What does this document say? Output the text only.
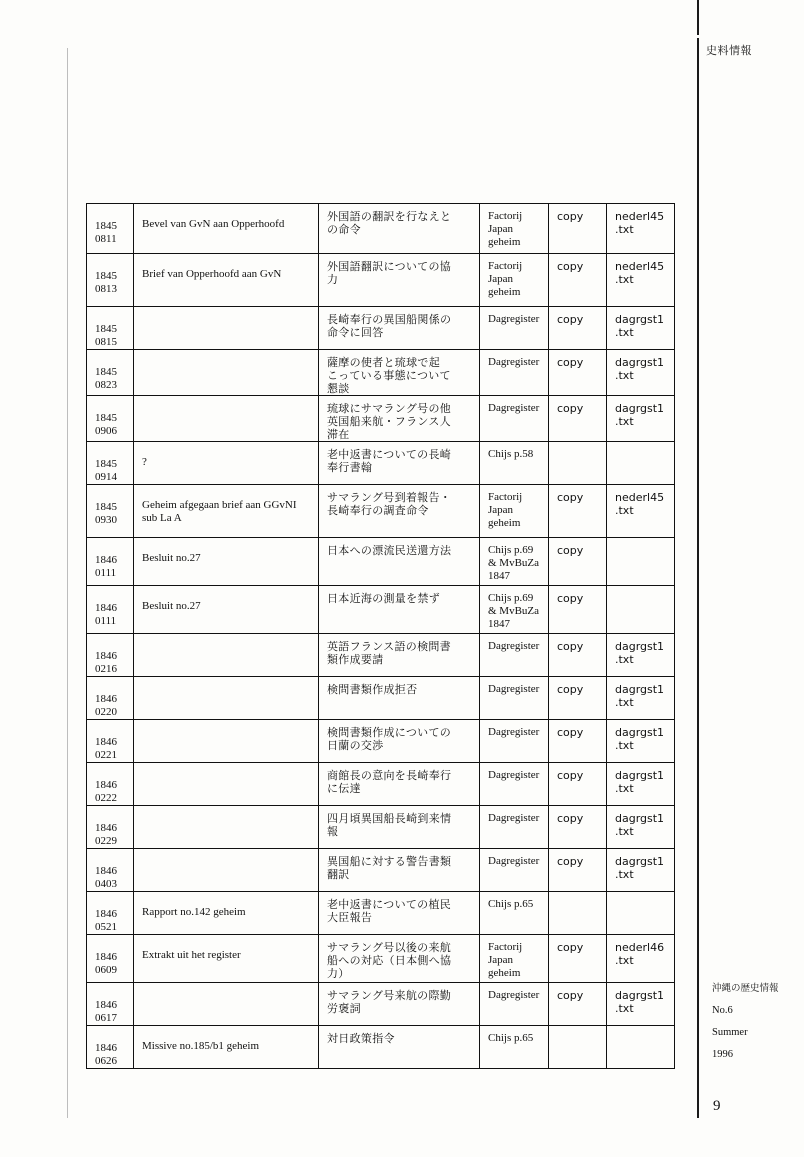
史料情報
1845
0811	Bevel van GvN aan Opperhoofd	外国語の翻訳を行なえと
の命令	Factorij
Japan
geheim	copy	nederl45
.txt

1845
0813	Brief van Opperhoofd aan GvN	外国語翻訳についての協
力	Factorij
Japan
geheim	copy	nederl45
.txt

1845
0815		長崎奉行の異国船関係の
命令に回答	Dagregister	copy	dagrgst1
.txt

1845
0823		薩摩の使者と琉球で起
こっている事態について
懇談	Dagregister	copy	dagrgst1
.txt

1845
0906		琉球にサマラング号の他
英国船来航・フランス人
滞在	Dagregister	copy	dagrgst1
.txt

1845
0914	?	老中返書についての長崎
奉行書翰	Chijs p.58		

1845
0930	Geheim afgegaan brief aan GGvNI
sub La A	サマラング号到着報告・
長崎奉行の調査命令	Factorij
Japan
geheim	copy	nederl45
.txt

1846
0111	Besluit no.27	日本への漂流民送還方法	Chijs p.69
& MvBuZa
1847	copy	

1846
0111	Besluit no.27	日本近海の測量を禁ず	Chijs p.69
& MvBuZa
1847	copy	

1846
0216		英語フランス語の検問書
類作成要請	Dagregister	copy	dagrgst1
.txt

1846
0220		検問書類作成拒否	Dagregister	copy	dagrgst1
.txt

1846
0221		検問書類作成についての
日蘭の交渉	Dagregister	copy	dagrgst1
.txt

1846
0222		商館長の意向を長崎奉行
に伝達	Dagregister	copy	dagrgst1
.txt

1846
0229		四月頃異国船長崎到来情
報	Dagregister	copy	dagrgst1
.txt

1846
0403		異国船に対する警告書類
翻訳	Dagregister	copy	dagrgst1
.txt

1846
0521	Rapport no.142 geheim	老中返書についての植民
大臣報告	Chijs p.65		

1846
0609	Extrakt uit het register	サマラング号以後の来航
船への対応（日本側へ協
力）	Factorij
Japan
geheim	copy	nederl46
.txt

1846
0617		サマラング号来航の際勤
労褒詞	Dagregister	copy	dagrgst1
.txt

1846
0626	Missive no.185/b1 geheim	対日政策指令	Chijs p.65		

沖縄の歴史情報
No.6
Summer
1996
9
